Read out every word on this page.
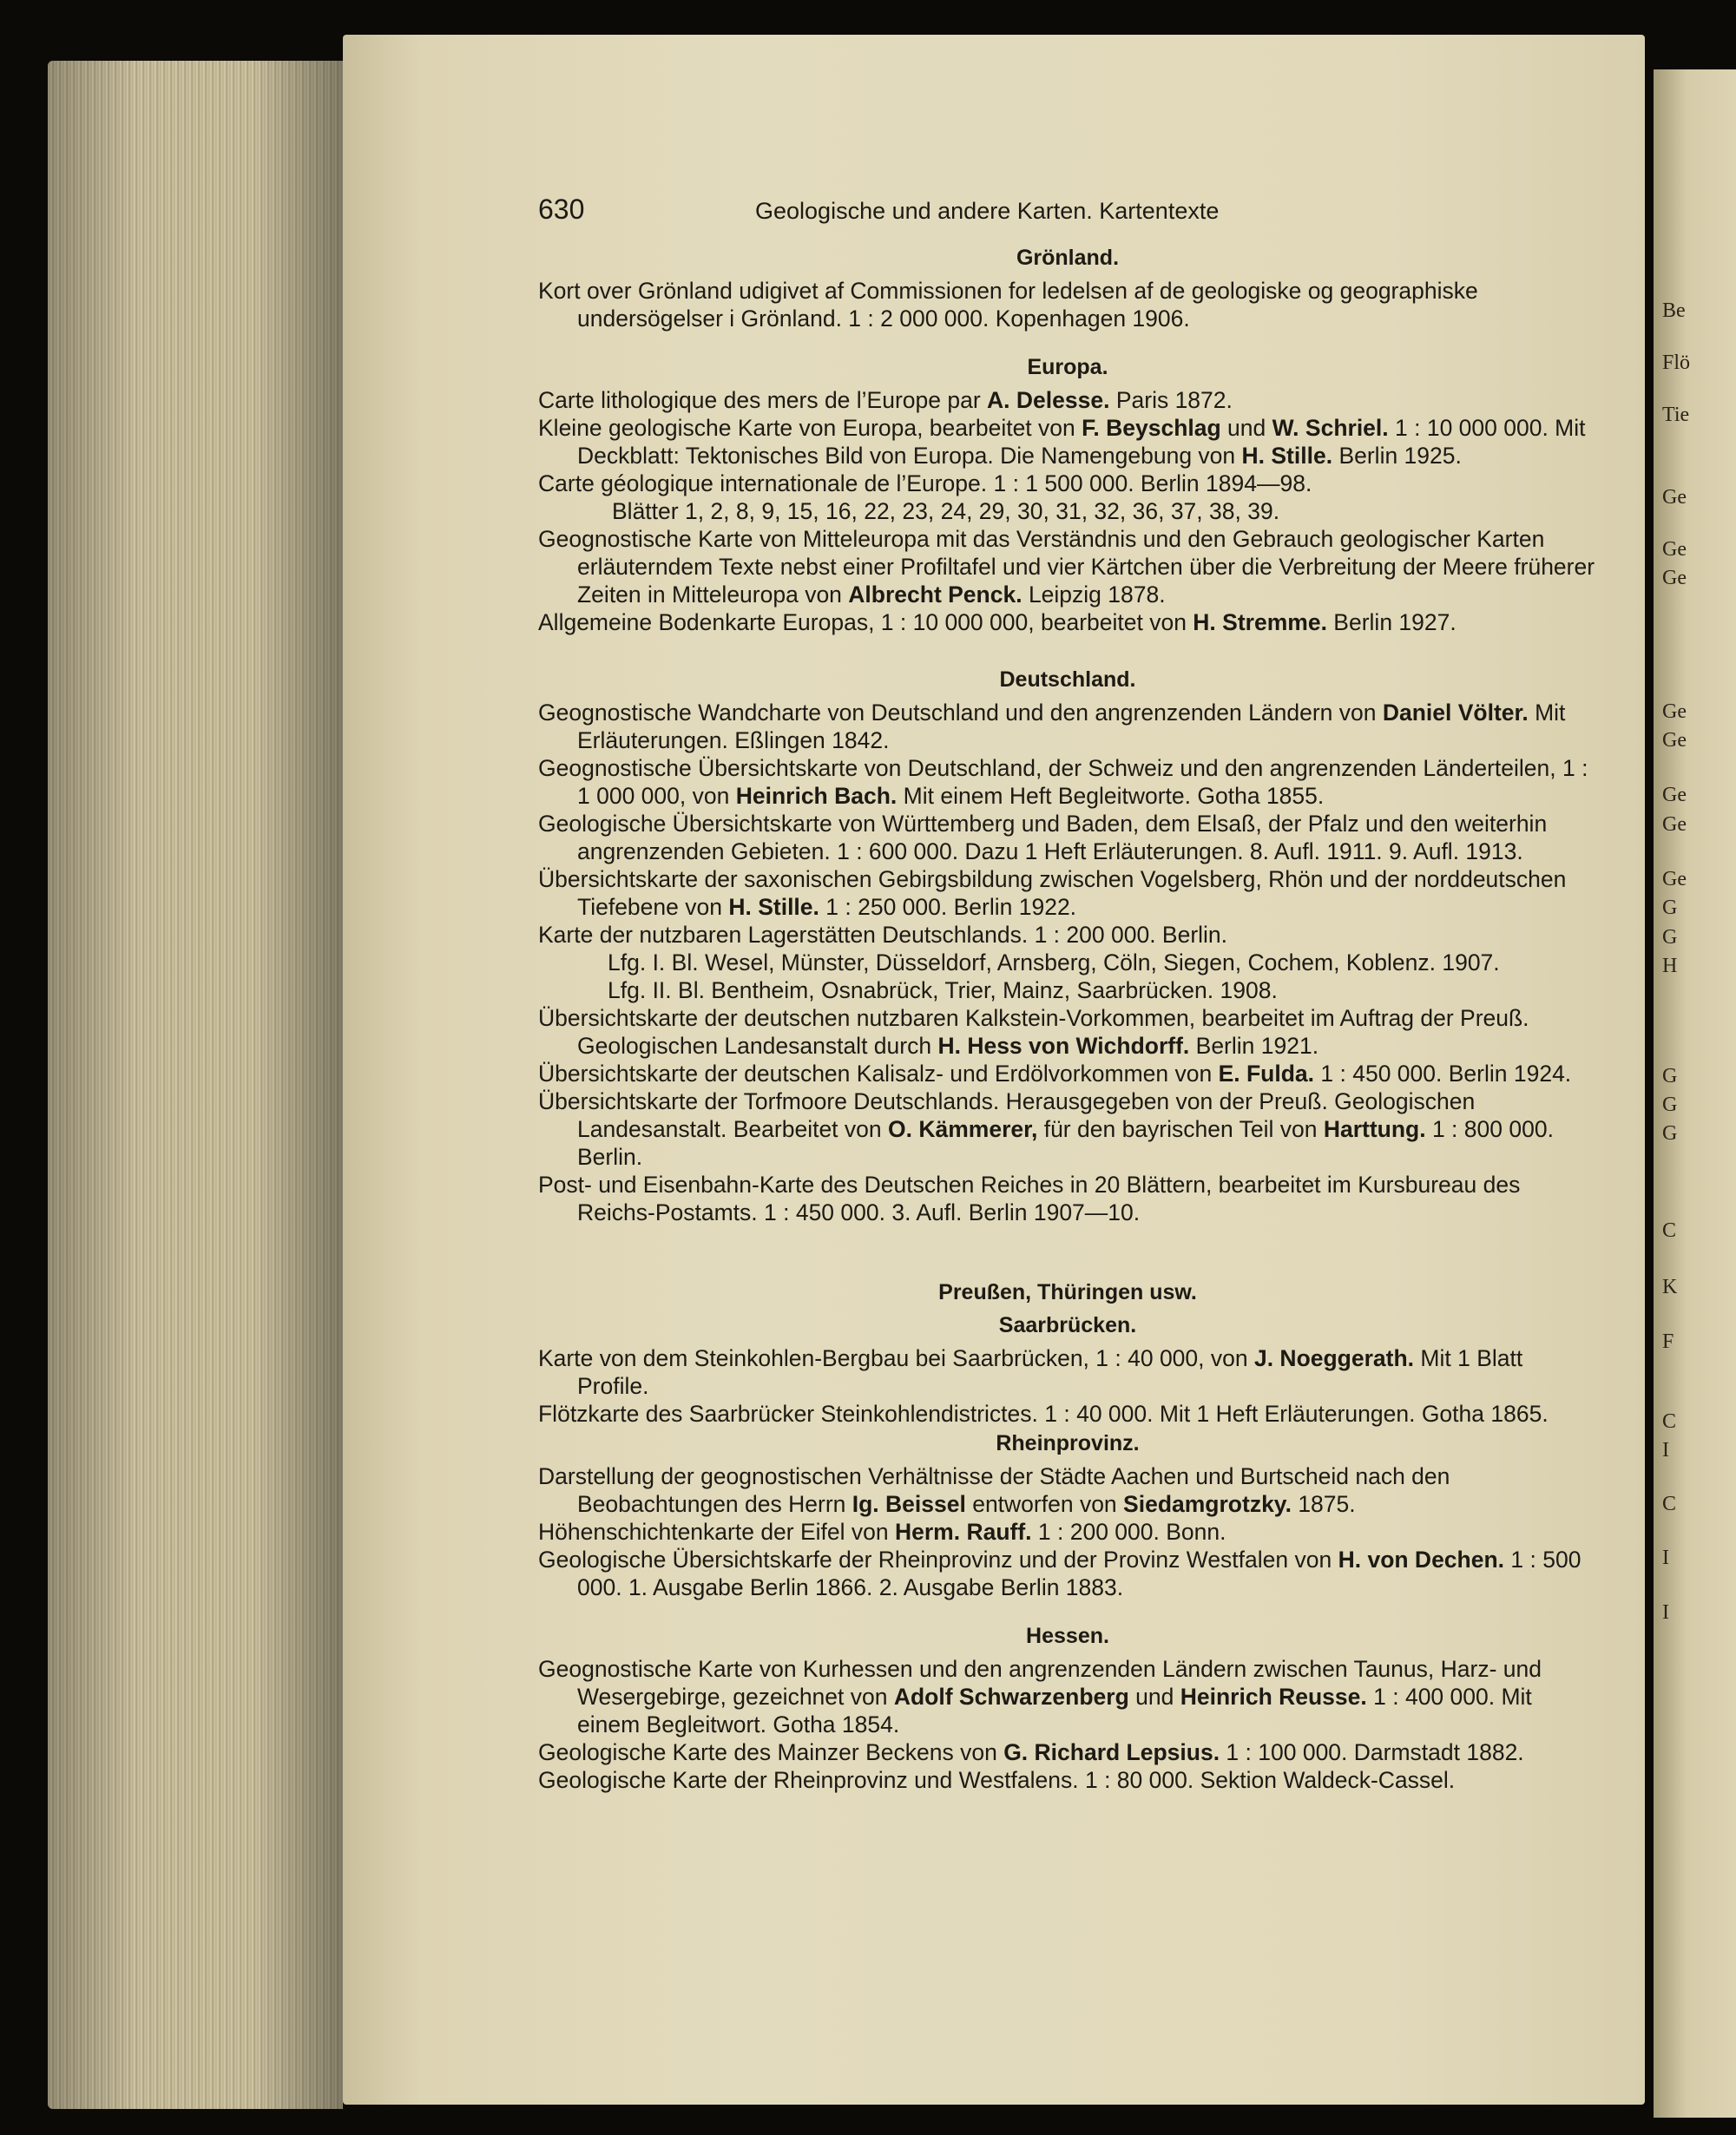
Be
Flö
Tie
Ge
Ge
Ge
Ge
Ge
Ge
Ge
Ge
G
G
H
G
G
G
C
K
F
C
I
C
I
I
630	Geologische und andere Karten. Kartentexte
Grönland.

Kort over Grönland udigivet af Commissionen for ledelsen af de geologiske og geographiske undersögelser i Grönland. 1 : 2 000 000. Kopenhagen 1906.

Europa.

Carte lithologique des mers de l’Europe par A. Delesse. Paris 1872.

Kleine geologische Karte von Europa, bearbeitet von F. Beyschlag und W. Schriel. 1 : 10 000 000. Mit Deckblatt: Tektonisches Bild von Europa. Die Namengebung von H. Stille. Berlin 1925.

Carte géologique internationale de l’Europe. 1 : 1 500 000. Berlin 1894—98.

Blätter 1, 2, 8, 9, 15, 16, 22, 23, 24, 29, 30, 31, 32, 36, 37, 38, 39.

Geognostische Karte von Mitteleuropa mit das Verständnis und den Gebrauch geologischer Karten erläuterndem Texte nebst einer Profiltafel und vier Kärtchen über die Verbreitung der Meere früherer Zeiten in Mitteleuropa von Albrecht Penck. Leipzig 1878.

Allgemeine Bodenkarte Europas, 1 : 10 000 000, bearbeitet von H. Stremme. Berlin 1927.

Deutschland.

Geognostische Wandcharte von Deutschland und den angrenzenden Ländern von Daniel Völter. Mit Erläuterungen. Eßlingen 1842.

Geognostische Übersichtskarte von Deutschland, der Schweiz und den angrenzenden Länderteilen, 1 : 1 000 000, von Heinrich Bach. Mit einem Heft Begleitworte. Gotha 1855.

Geologische Übersichtskarte von Württemberg und Baden, dem Elsaß, der Pfalz und den weiterhin angrenzenden Gebieten. 1 : 600 000. Dazu 1 Heft Erläuterungen. 8. Aufl. 1911. 9. Aufl. 1913.

Übersichtskarte der saxonischen Gebirgsbildung zwischen Vogelsberg, Rhön und der norddeutschen Tiefebene von H. Stille. 1 : 250 000. Berlin 1922.

Karte der nutzbaren Lagerstätten Deutschlands. 1 : 200 000. Berlin.

Lfg. I. Bl. Wesel, Münster, Düsseldorf, Arnsberg, Cöln, Siegen, Cochem, Koblenz. 1907.

Lfg. II. Bl. Bentheim, Osnabrück, Trier, Mainz, Saarbrücken. 1908.

Übersichtskarte der deutschen nutzbaren Kalkstein-Vorkommen, bearbeitet im Auftrag der Preuß. Geologischen Landesanstalt durch H. Hess von Wichdorff. Berlin 1921.

Übersichtskarte der deutschen Kalisalz- und Erdölvorkommen von E. Fulda. 1 : 450 000. Berlin 1924.

Übersichtskarte der Torfmoore Deutschlands. Herausgegeben von der Preuß. Geologischen Landesanstalt. Bearbeitet von O. Kämmerer, für den bayrischen Teil von Harttung. 1 : 800 000. Berlin.

Post- und Eisenbahn-Karte des Deutschen Reiches in 20 Blättern, bearbeitet im Kursbureau des Reichs-Postamts. 1 : 450 000. 3. Aufl. Berlin 1907—10.

Preußen, Thüringen usw.
Saarbrücken.

Karte von dem Steinkohlen-Bergbau bei Saarbrücken, 1 : 40 000, von J. Noeggerath. Mit 1 Blatt Profile.

Flötzkarte des Saarbrücker Steinkohlendistrictes. 1 : 40 000. Mit 1 Heft Erläuterungen. Gotha 1865.

Rheinprovinz.

Darstellung der geognostischen Verhältnisse der Städte Aachen und Burtscheid nach den Beobachtungen des Herrn Ig. Beissel entworfen von Siedamgrotzky. 1875.

Höhenschichtenkarte der Eifel von Herm. Rauff. 1 : 200 000. Bonn.

Geologische Übersichtskarfe der Rheinprovinz und der Provinz Westfalen von H. von Dechen. 1 : 500 000. 1. Ausgabe Berlin 1866. 2. Ausgabe Berlin 1883.

Hessen.

Geognostische Karte von Kurhessen und den angrenzenden Ländern zwischen Taunus, Harz- und Wesergebirge, gezeichnet von Adolf Schwarzenberg und Heinrich Reusse. 1 : 400 000. Mit einem Begleitwort. Gotha 1854.

Geologische Karte des Mainzer Beckens von G. Richard Lepsius. 1 : 100 000. Darmstadt 1882.

Geologische Karte der Rheinprovinz und Westfalens. 1 : 80 000. Sektion Waldeck-Cassel.
